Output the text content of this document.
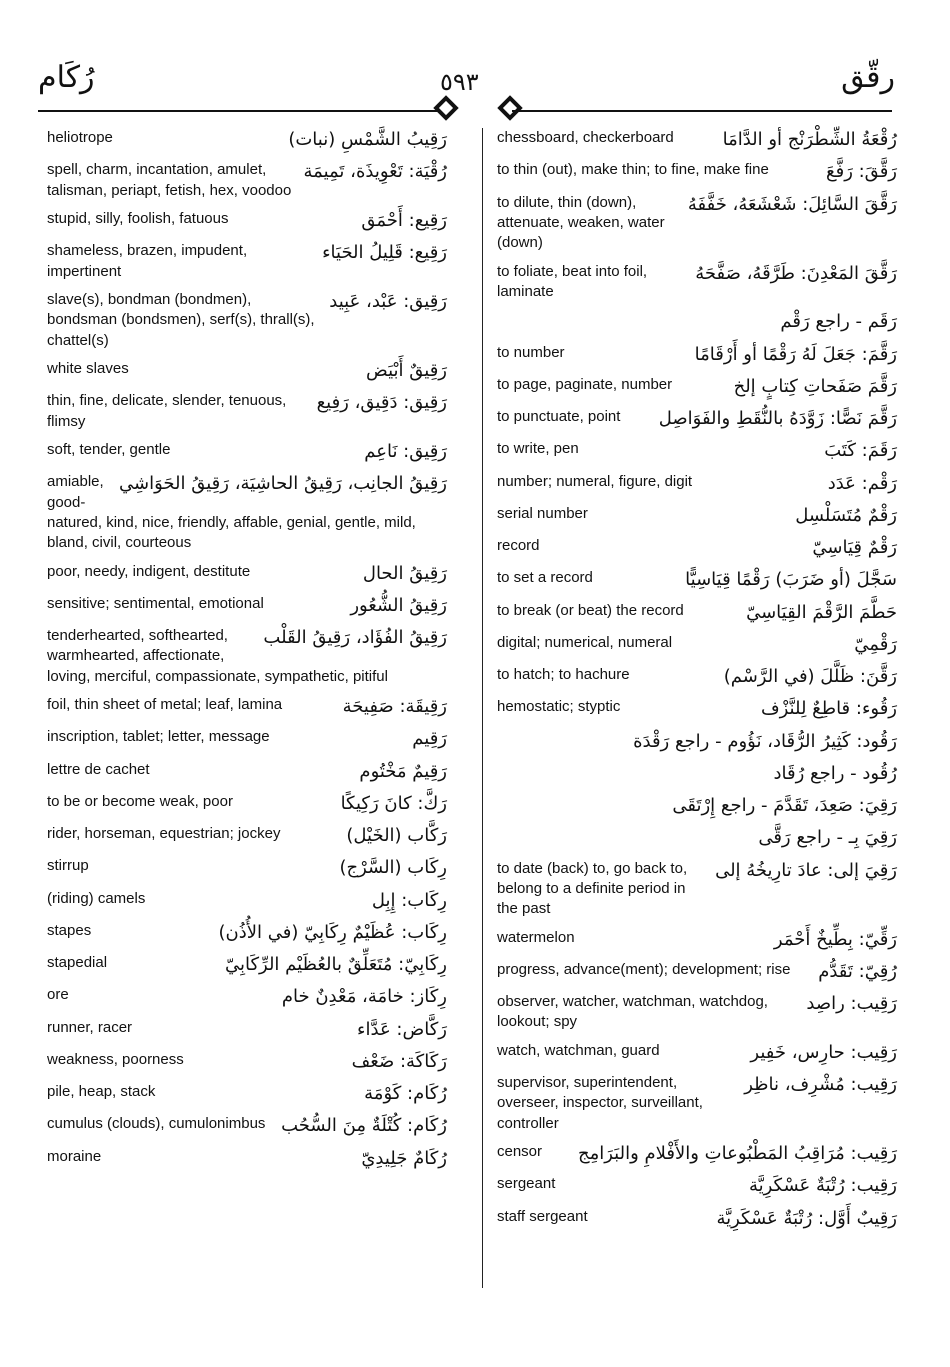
رُكَام	٥٩٣	رقّق
رَقِيبُ الشَّمْسِ (نبات)
heliotrope
رُقْيَة: تَعْوِيذَة، تَمِيمَة
spell, charm, incantation, amulet, talisman, periapt, fetish, hex, voodoo
رَقِيع: أَحْمَق
stupid, silly, foolish, fatuous
رَقِيع: قَلِيلُ الحَيَاء
shameless, brazen, impudent, impertinent
رَقِيق: عَبْد، عَبِيد
slave(s), bondman (bondmen), bondsman (bondsmen), serf(s), thrall(s), chattel(s)
رَقِيقٌ أَبْيَض
white slaves
رَقِيق: دَقِيق، رَفِيع
thin, fine, delicate, slender, tenuous, flimsy
رَقِيق: نَاعِم
soft, tender, gentle
رَقِيقُ الجانِب، رَقِيقُ الحاشِيَة، رَقِيقُ الحَوَاشِي
amiable, good-natured, kind, nice, friendly, affable, genial, gentle, mild, bland, civil, courteous
رَقِيقُ الحال
poor, needy, indigent, destitute
رَقِيقُ الشُّعُور
sensitive; sentimental, emotional
رَقِيقُ الفُؤَاد، رَقِيقُ القَلْب
tenderhearted, softhearted, warmhearted, affectionate, loving, merciful, compassionate, sympathetic, pitiful
رَقِيقَة: صَفِيحَة
foil, thin sheet of metal; leaf, lamina
رَقِيم
inscription, tablet; letter, message
رَقِيمٌ مَخْتُوم
lettre de cachet
رَكَّ: كانَ رَكِيكًا
to be or become weak, poor
رَكَّاب (الخَيْل)
rider, horseman, equestrian; jockey
رِكَاب (السَّرْج)
stirrup
رِكَاب: إِبِل
(riding) camels
رِكَاب: عُظَيْمٌ رِكَابِيّ (في الأُذُن)
stapes
رِكَابِيّ: مُتَعَلِّقٌ بالعُظَيْم الرِّكَابِيّ
stapedial
رِكَاز: خامَة، مَعْدِنٌ خام
ore
رَكَّاض: عَدَّاء
runner, racer
رَكَاكَة: ضَعْف
weakness, poorness
رُكَام: كَوْمَة
pile, heap, stack
رُكَام: كُتْلَةٌ مِنَ السُّحُب
cumulus (clouds), cumulonimbus
رُكَامٌ جَلِيدِيّ
moraine
رُقْعَةُ الشِّطْرَنْج أو الدَّامَا
chessboard, checkerboard
رَقَّقَ: رَفَّعَ
to thin (out), make thin; to fine, make fine
رَقَّقَ السَّائِلَ: شَعْشَعَهُ، خَفَّفَهُ
to dilute, thin (down), attenuate, weaken, water (down)
رَقَّقَ المَعْدِنَ: طَرَّقَهُ، صَفَّحَهُ
to foliate, beat into foil, laminate
رَقَم - راجع رَقْم
رَقَّمَ: جَعَلَ لَهُ رَقْمًا أو أَرْقَامًا
to number
رَقَّمَ صَفَحاتِ كِتابٍ إلخ
to page, paginate, number
رَقَّمَ نَصًّا: زَوَّدَهُ بالنُّقَطِ والفَوَاصِل
to punctuate, point
رَقَمَ: كَتَبَ
to write, pen
رَقْم: عَدَد
number; numeral, figure, digit
رَقْمٌ مُتَسَلْسِل
serial number
رَقْمٌ قِيَاسِيّ
record
سَجَّلَ (أو ضَرَبَ) رَقْمًا قِيَاسِيًّا
to set a record
حَطَّمَ الرَّقْمَ القِيَاسِيّ
to break (or beat) the record
رَقْمِيّ
digital; numerical, numeral
رَقَّنَ: ظَلَّلَ (في الرَّسْم)
to hatch; to hachure
رَقُوء: قاطِعٌ لِلنَّزْف
hemostatic; styptic
رَقُود: كَثِيرُ الرُّقَاد، نَؤُوم - راجع رَقْدَة
رُقُود - راجع رُقَاد
رَقِيَ: صَعِدَ، تَقَدَّمَ - راجع إِرْتَقَى
رَقِيَ بِـ - راجع رَقَّى
رَقِيَ إلى: عادَ تارِيخُهُ إلى
to date (back) to, go back to, belong to a definite period in the past
رَقِّيّ: بِطِّيخٌ أَحْمَر
watermelon
رُقِيّ: تَقَدُّم
progress, advance(ment); development; rise
رَقِيب: راصِد
observer, watcher, watchman, watchdog, lookout; spy
رَقِيب: حارِس، خَفِير
watch, watchman, guard
رَقِيب: مُشْرِف، ناظِر
supervisor, superintendent, overseer, inspector, surveillant, controller
رَقِيب: مُرَاقِبُ المَطْبُوعاتِ والأَفْلامِ والبَرَامِج
censor
رَقِيب: رُتْبَةٌ عَسْكَرِيَّة
sergeant
رَقِيبٌ أَوَّل: رُتْبَةٌ عَسْكَرِيَّة
staff sergeant
